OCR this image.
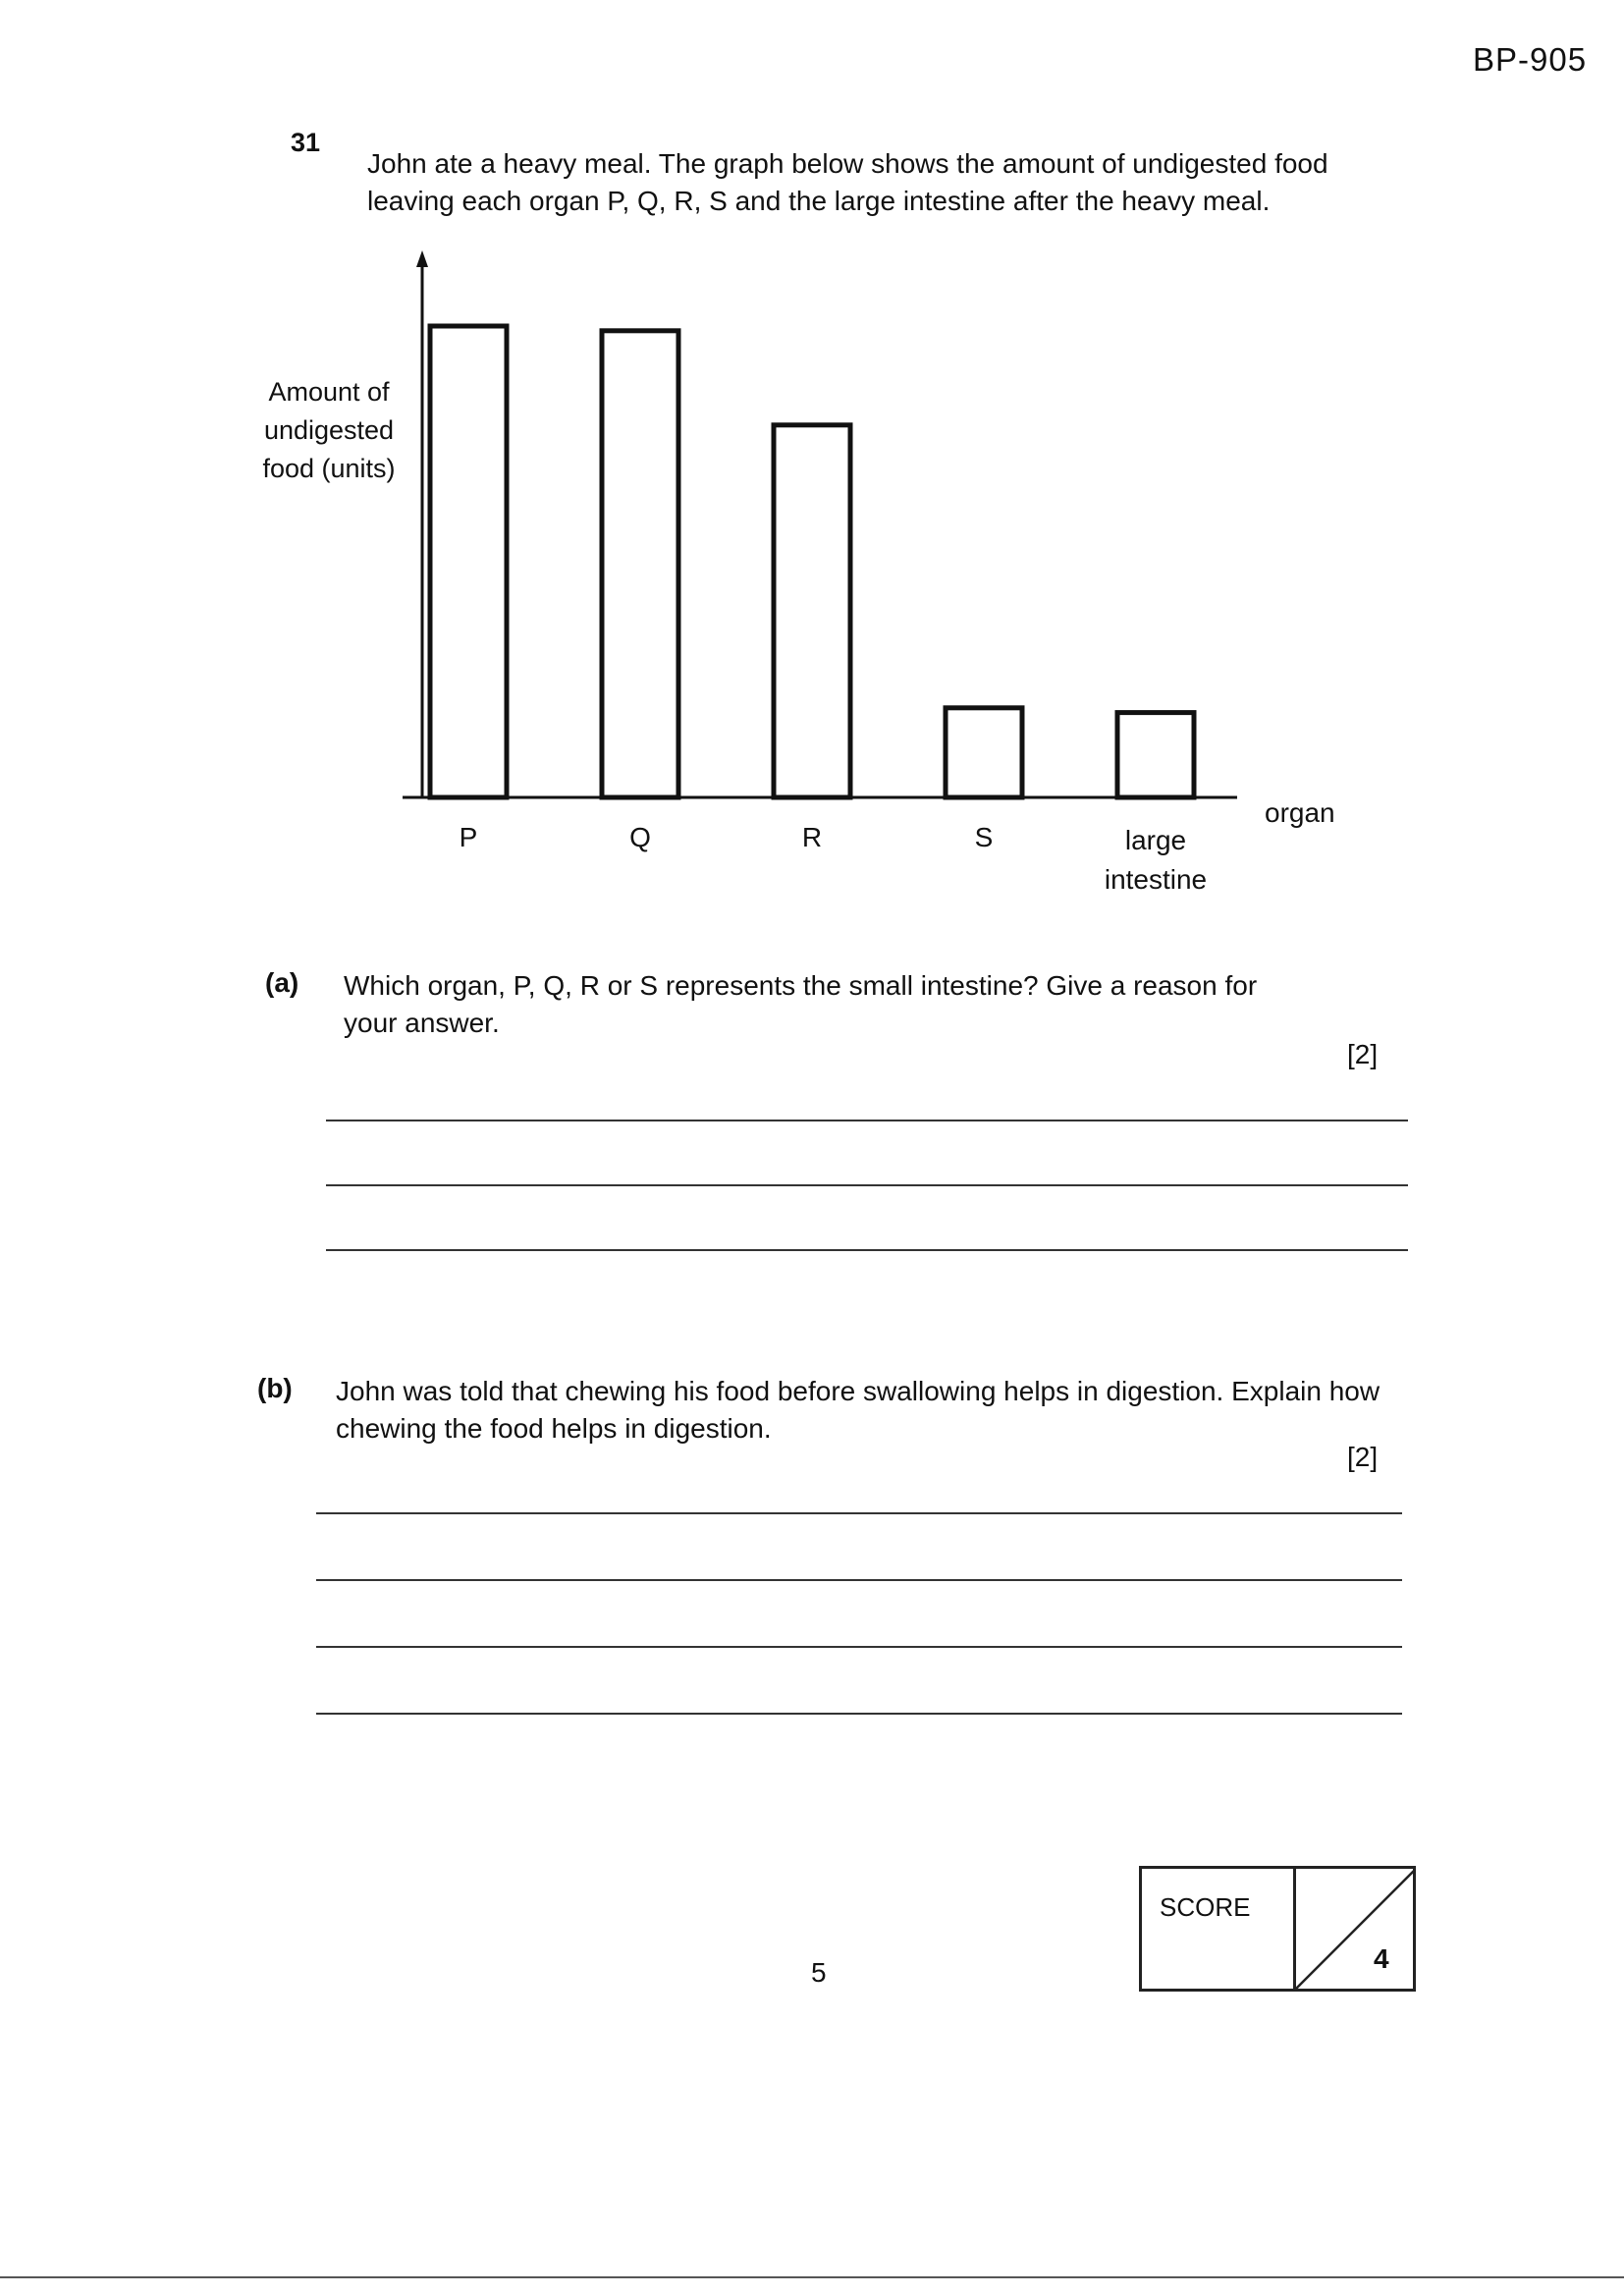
BP-905
31
John ate a heavy meal. The graph below shows the amount of undigested food leaving each organ P, Q, R, S and the large intestine after the heavy meal.
Amount of undigested food (units)
P	Q	R	S	large intestine
organ
(a) Which organ, P, Q, R or S represents the small intestine? Give a reason for your answer.
[2]
(b) John was told that chewing his food before swallowing helps in digestion. Explain how chewing the food helps in digestion.
[2]
SCORE
4
5
